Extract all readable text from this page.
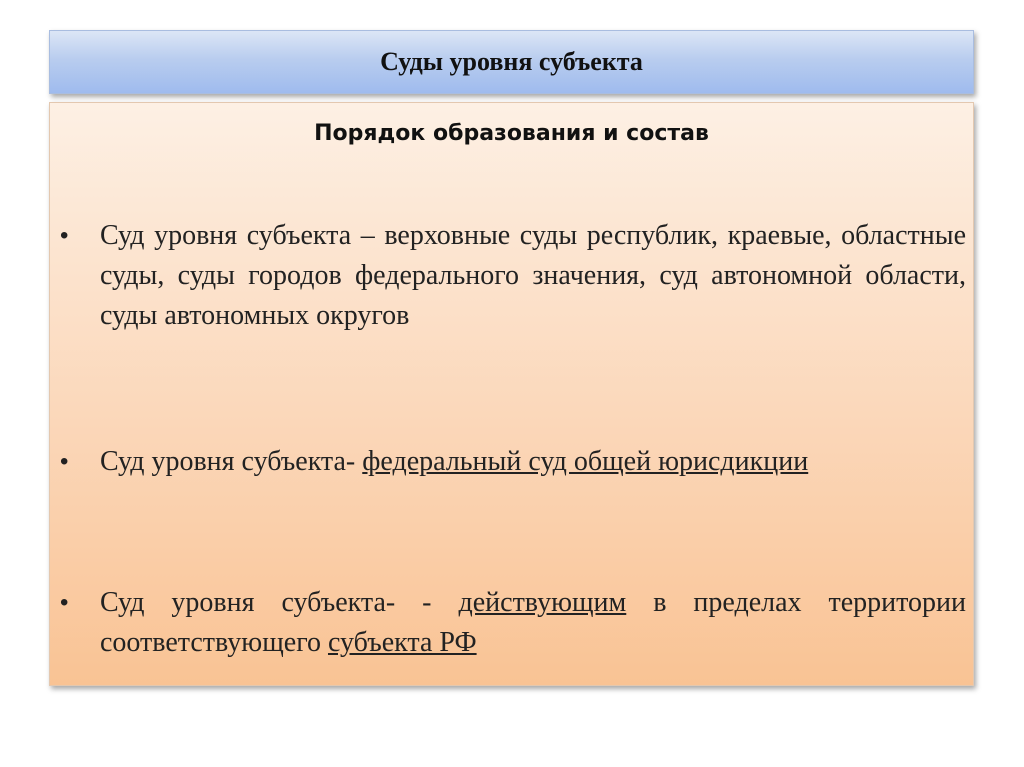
Суды уровня субъекта
Порядок образования и состав
• Суд уровня субъекта – верховные суды республик, краевые, областные суды, суды городов федерального значения, суд автономной области, суды автономных округов
• Суд уровня субъекта- федеральный суд общей юрисдикции
• Суд уровня субъекта- - действующим в пределах территории соответствующего субъекта РФ
